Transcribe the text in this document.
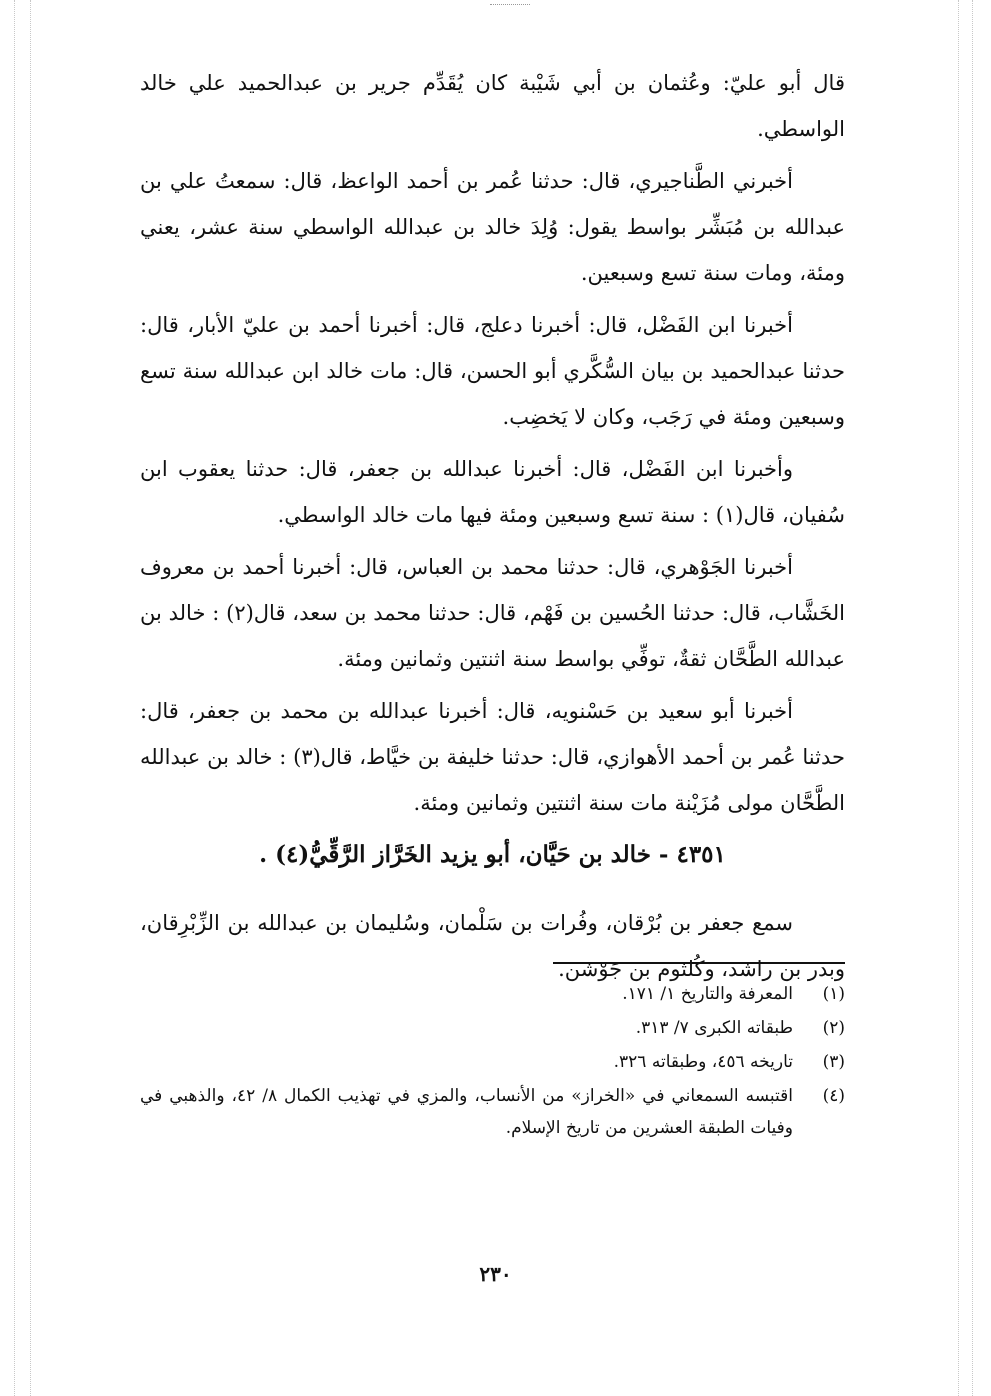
قال أبو عليّ: وعُثمان بن أبي شَيْبة كان يُقَدِّم جرير بن عبدالحميد علي خالد الواسطي.

أخبرني الطَّناجيري، قال: حدثنا عُمر بن أحمد الواعظ، قال: سمعتُ علي بن عبدالله بن مُبَشِّر بواسط يقول: وُلِدَ خالد بن عبدالله الواسطي سنة عشر، يعني ومئة، ومات سنة تسع وسبعين.

أخبرنا ابن الفَضْل، قال: أخبرنا دعلج، قال: أخبرنا أحمد بن عليّ الأبار، قال: حدثنا عبدالحميد بن بيان السُّكَّري أبو الحسن، قال: مات خالد ابن عبدالله سنة تسع وسبعين ومئة في رَجَب، وكان لا يَخضِب.

وأخبرنا ابن الفَضْل، قال: أخبرنا عبدالله بن جعفر، قال: حدثنا يعقوب ابن سُفيان، قال(١) : سنة تسع وسبعين ومئة فيها مات خالد الواسطي.

أخبرنا الجَوْهري، قال: حدثنا محمد بن العباس، قال: أخبرنا أحمد بن معروف الخَشَّاب، قال: حدثنا الحُسين بن فَهْم، قال: حدثنا محمد بن سعد، قال(٢) : خالد بن عبدالله الطَّحَّان ثقةٌ، توفِّي بواسط سنة اثنتين وثمانين ومئة.

أخبرنا أبو سعيد بن حَسْنويه، قال: أخبرنا عبدالله بن محمد بن جعفر، قال: حدثنا عُمر بن أحمد الأهوازي، قال: حدثنا خليفة بن خيَّاط، قال(٣) : خالد بن عبدالله الطَّحَّان مولى مُزَيْنة مات سنة اثنتين وثمانين ومئة.

٤٣٥١ - خالد بن حَيَّان، أبو يزيد الخَرَّاز الرَّقِّيُّ(٤) .

سمع جعفر بن بُرْقان، وفُرات بن سَلْمان، وسُليمان بن عبدالله بن الزِّبْرِقان، وبدر بن راشد، وكُلثوم بن جَوْشن.

(١)
المعرفة والتاريخ ١/ ١٧١.
(٢)
طبقاته الكبرى ٧/ ٣١٣.
(٣)
تاريخه ٤٥٦، وطبقاته ٣٢٦.
(٤)
اقتبسه السمعاني في «الخراز» من الأنساب، والمزي في تهذيب الكمال ٨/ ٤٢، والذهبي في وفيات الطبقة العشرين من تاريخ الإسلام.
٢٣٠
